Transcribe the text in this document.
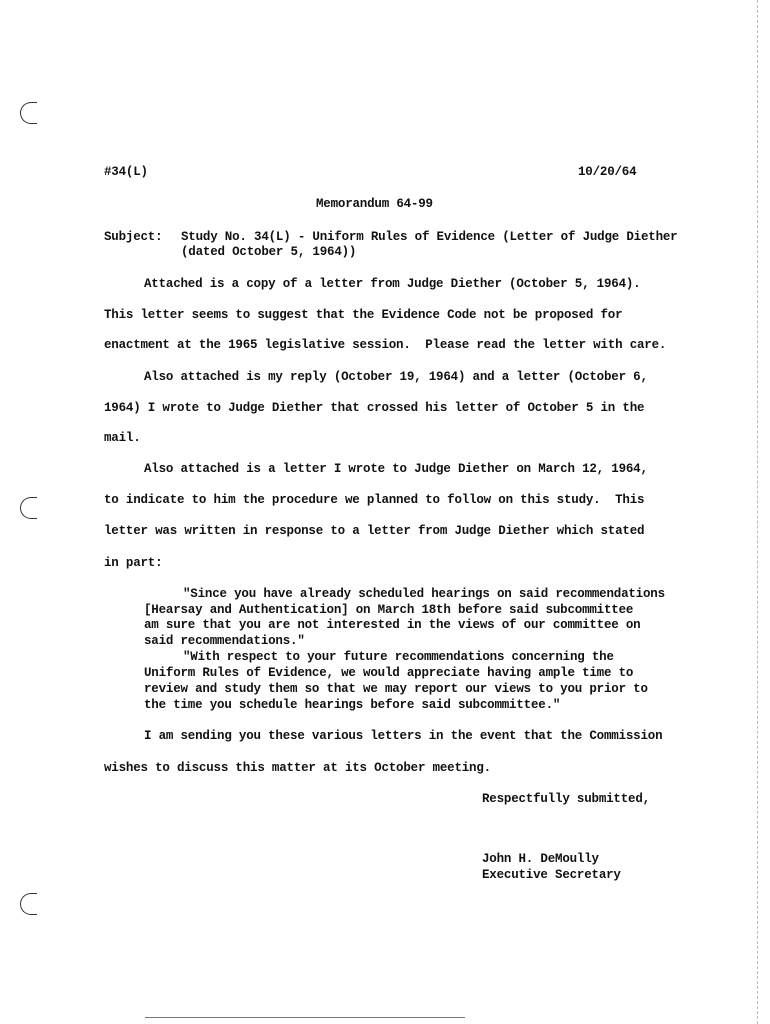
#34(L)	10/20/64
Memorandum 64-99
Subject: Study No. 34(L) - Uniform Rules of Evidence (Letter of Judge Diether
(dated October 5, 1964))
Attached is a copy of a letter from Judge Diether (October 5, 1964).
This letter seems to suggest that the Evidence Code not be proposed for
enactment at the 1965 legislative session.  Please read the letter with care.
Also attached is my reply (October 19, 1964) and a letter (October 6,
1964) I wrote to Judge Diether that crossed his letter of October 5 in the
mail.
Also attached is a letter I wrote to Judge Diether on March 12, 1964,
to indicate to him the procedure we planned to follow on this study.  This
letter was written in response to a letter from Judge Diether which stated
in part:
"Since you have already scheduled hearings on said recommendations
[Hearsay and Authentication] on March 18th before said subcommittee
am sure that you are not interested in the views of our committee on
said recommendations."
"With respect to your future recommendations concerning the
Uniform Rules of Evidence, we would appreciate having ample time to
review and study them so that we may report our views to you prior to
the time you schedule hearings before said subcommittee."
I am sending you these various letters in the event that the Commission
wishes to discuss this matter at its October meeting.
Respectfully submitted,
John H. DeMoully
Executive Secretary
